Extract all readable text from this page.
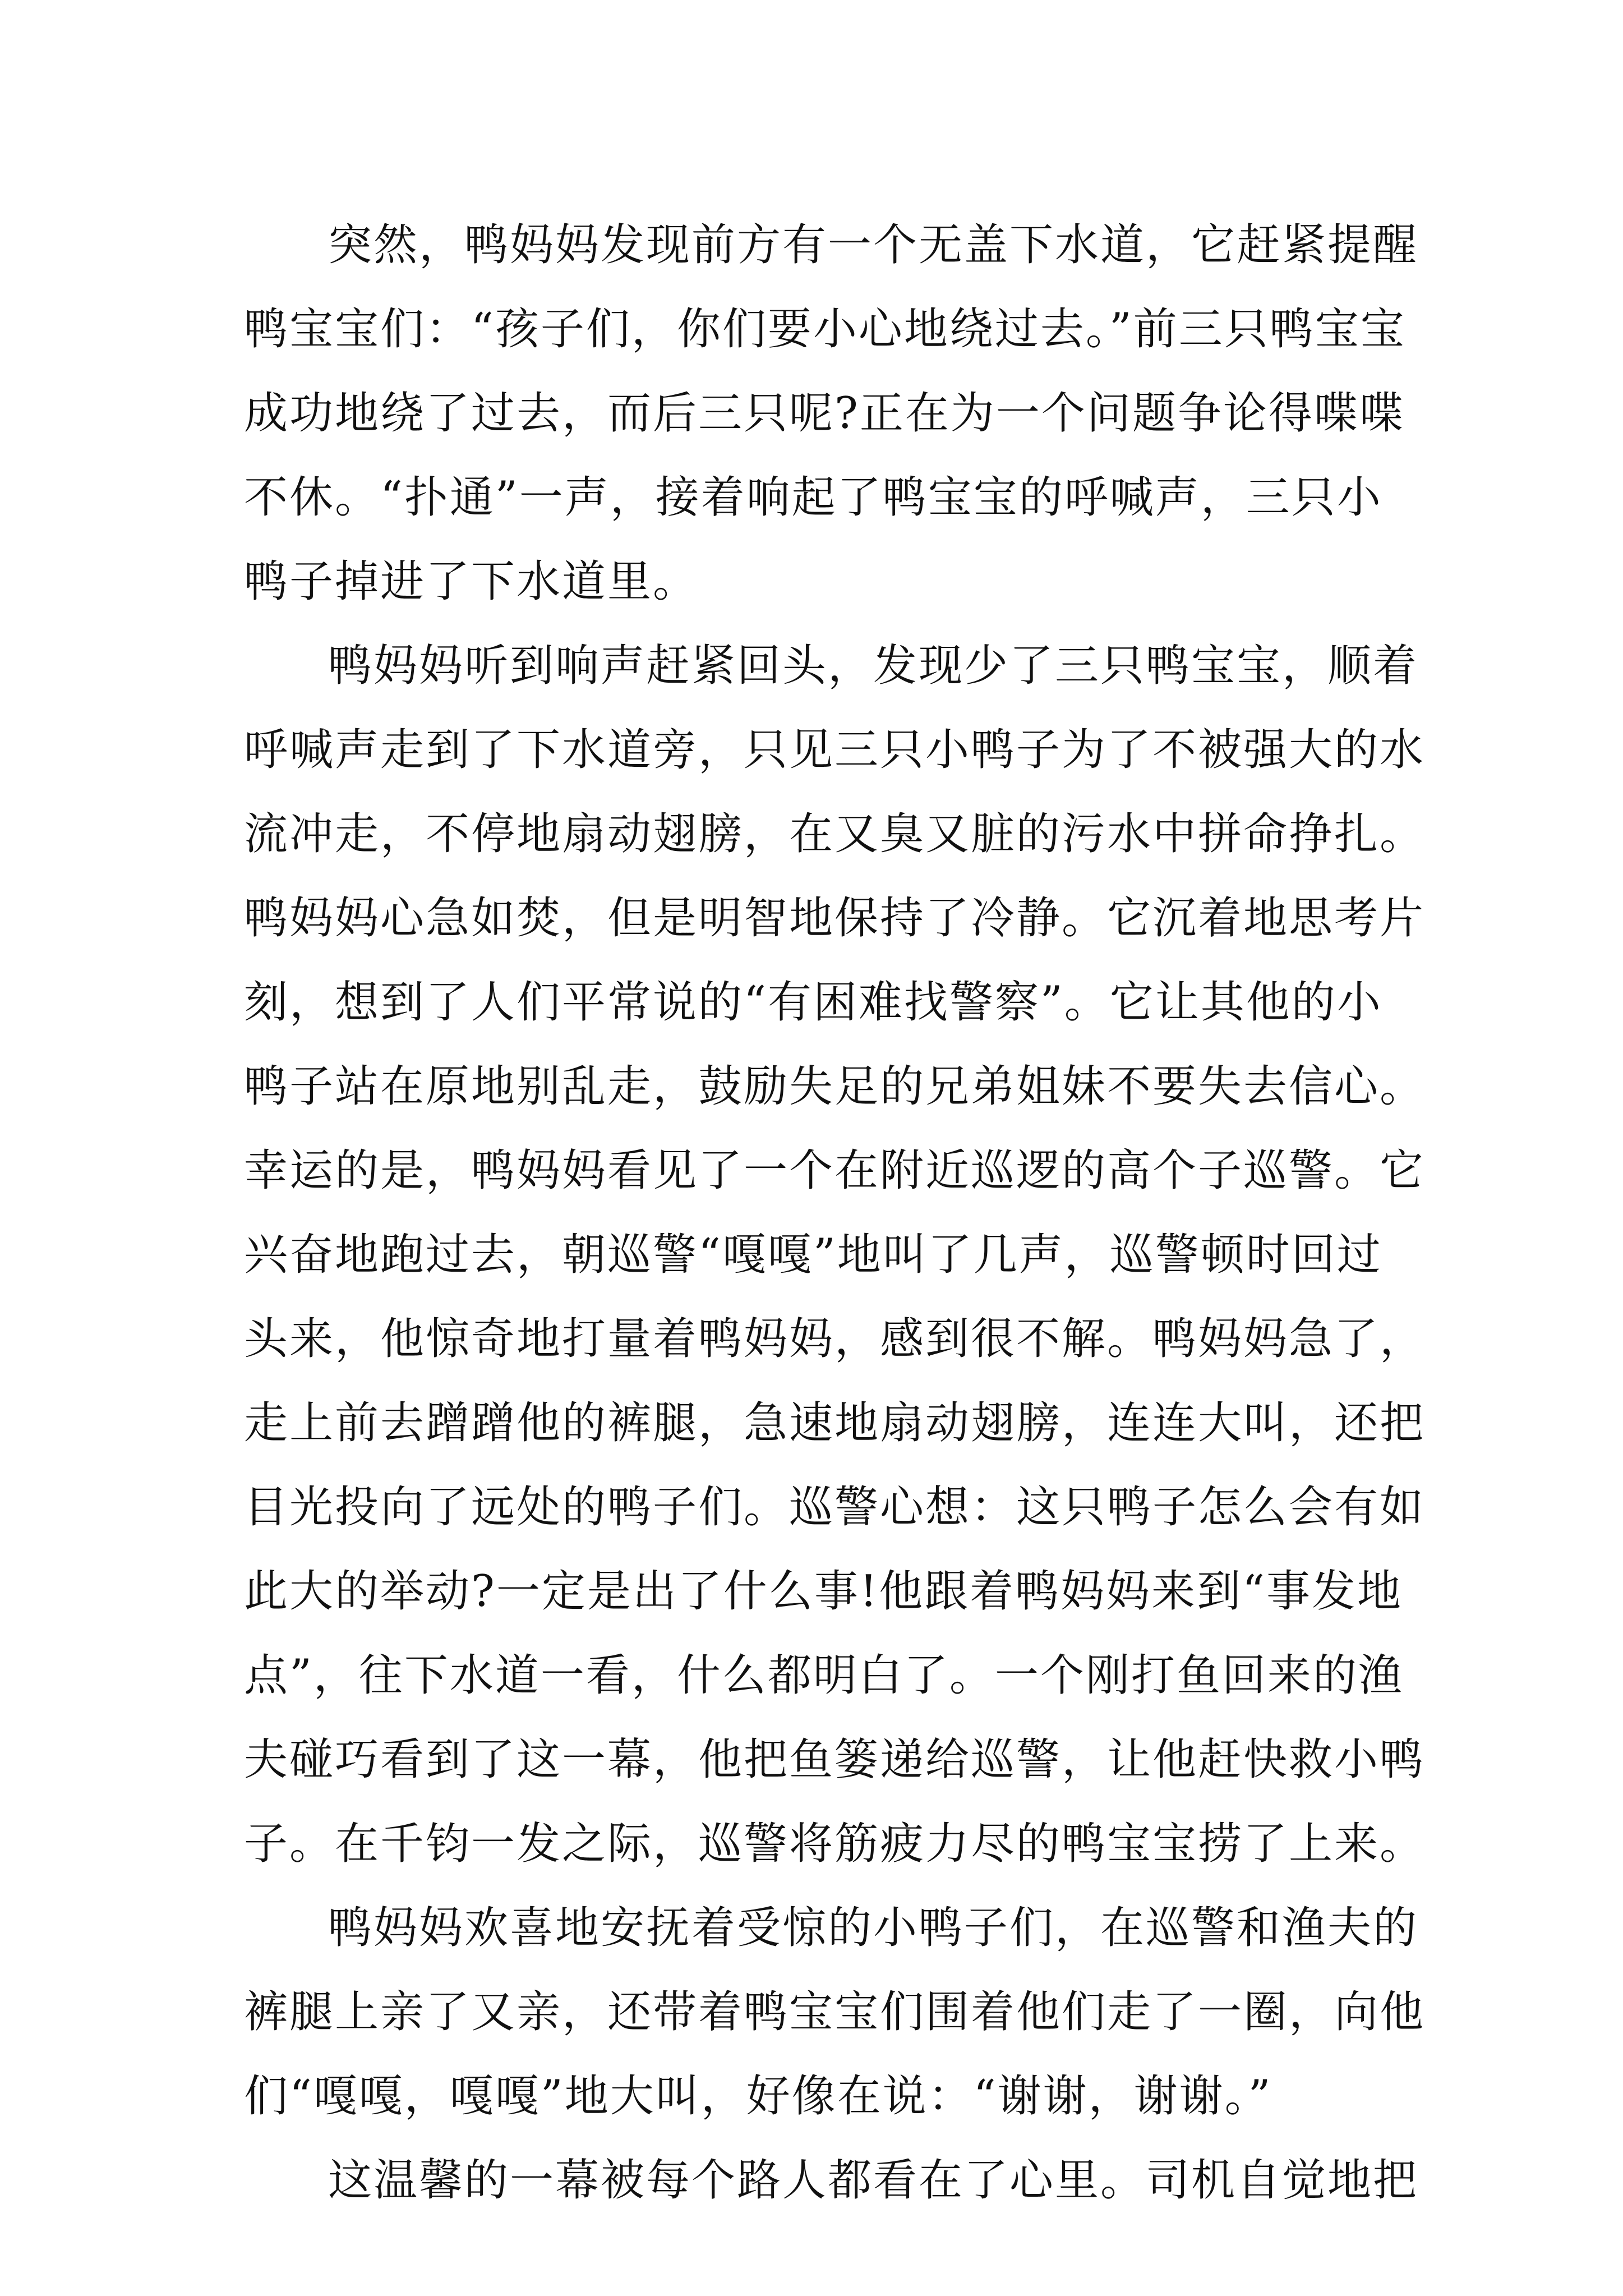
突然，鸭妈妈发现前方有一个无盖下水道，它赶紧提醒
鸭宝宝们：“孩子们，你们要小心地绕过去。”前三只鸭宝宝
成功地绕了过去，而后三只呢?正在为一个问题争论得喋喋
不休。“扑通”一声，接着响起了鸭宝宝的呼喊声，三只小
鸭子掉进了下水道里。
鸭妈妈听到响声赶紧回头，发现少了三只鸭宝宝，顺着
呼喊声走到了下水道旁，只见三只小鸭子为了不被强大的水
流冲走，不停地扇动翅膀，在又臭又脏的污水中拼命挣扎。
鸭妈妈心急如焚，但是明智地保持了冷静。它沉着地思考片
刻，想到了人们平常说的“有困难找警察”。它让其他的小
鸭子站在原地别乱走，鼓励失足的兄弟姐妹不要失去信心。
幸运的是，鸭妈妈看见了一个在附近巡逻的高个子巡警。它
兴奋地跑过去，朝巡警“嘎嘎”地叫了几声，巡警顿时回过
头来，他惊奇地打量着鸭妈妈，感到很不解。鸭妈妈急了，
走上前去蹭蹭他的裤腿，急速地扇动翅膀，连连大叫，还把
目光投向了远处的鸭子们。巡警心想：这只鸭子怎么会有如
此大的举动?一定是出了什么事!他跟着鸭妈妈来到“事发地
点”，往下水道一看，什么都明白了。一个刚打鱼回来的渔
夫碰巧看到了这一幕，他把鱼篓递给巡警，让他赶快救小鸭
子。在千钧一发之际，巡警将筋疲力尽的鸭宝宝捞了上来。
鸭妈妈欢喜地安抚着受惊的小鸭子们，在巡警和渔夫的
裤腿上亲了又亲，还带着鸭宝宝们围着他们走了一圈，向他
们“嘎嘎，嘎嘎”地大叫，好像在说：“谢谢，谢谢。”
这温馨的一幕被每个路人都看在了心里。司机自觉地把
